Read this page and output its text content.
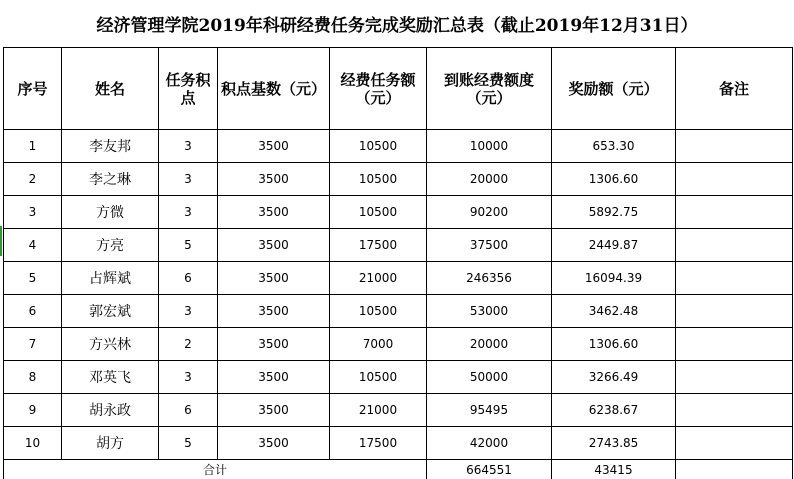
经济管理学院2019年科研经费任务完成奖励汇总表（截止2019年12月31日）
序号	姓名	任务积点	积点基数（元）	经费任务额（元）	到账经费额度（元）	奖励额（元）	备注
1	李友邦	3	3500	10500	10000	653.30	
2	李之琳	3	3500	10500	20000	1306.60	
3	方微	3	3500	10500	90200	5892.75	
4	方亮	5	3500	17500	37500	2449.87	
5	占辉斌	6	3500	21000	246356	16094.39	
6	郭宏斌	3	3500	10500	53000	3462.48	
7	方兴林	2	3500	7000	20000	1306.60	
8	邓英飞	3	3500	10500	50000	3266.49	
9	胡永政	6	3500	21000	95495	6238.67	
10	胡方	5	3500	17500	42000	2743.85	
合计					664551	43415	
